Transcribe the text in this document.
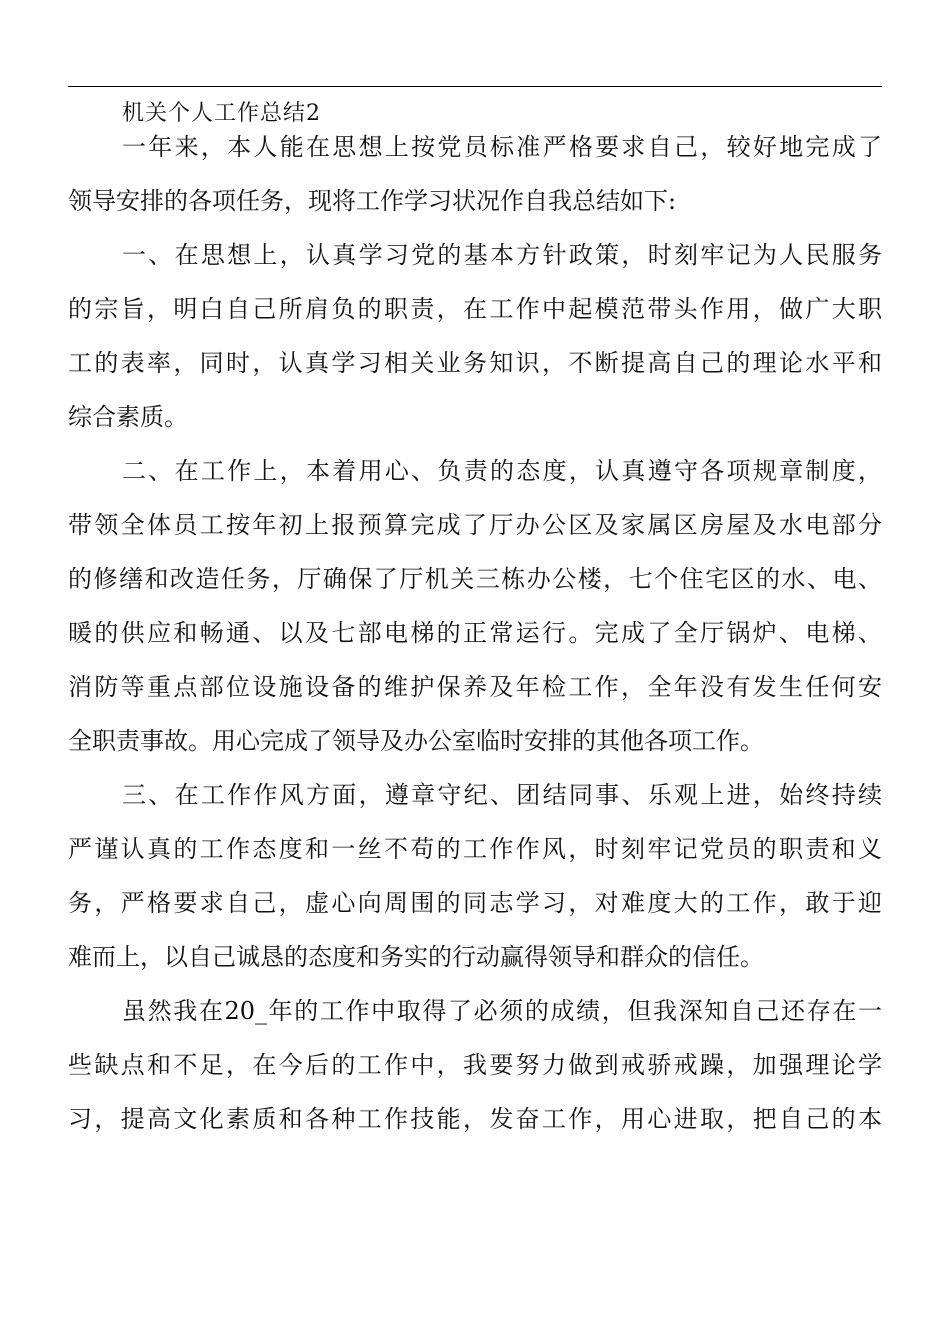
机关个人工作总结2
一年来，本人能在思想上按党员标准严格要求自己，较好地完成了
领导安排的各项任务，现将工作学习状况作自我总结如下:
一、在思想上，认真学习党的基本方针政策，时刻牢记为人民服务
的宗旨，明白自己所肩负的职责，在工作中起模范带头作用，做广大职
工的表率，同时，认真学习相关业务知识，不断提高自己的理论水平和
综合素质。
二、在工作上，本着用心、负责的态度，认真遵守各项规章制度，
带领全体员工按年初上报预算完成了厅办公区及家属区房屋及水电部分
的修缮和改造任务，厅确保了厅机关三栋办公楼，七个住宅区的水、电、
暖的供应和畅通、以及七部电梯的正常运行。完成了全厅锅炉、电梯、
消防等重点部位设施设备的维护保养及年检工作，全年没有发生任何安
全职责事故。用心完成了领导及办公室临时安排的其他各项工作。
三、在工作作风方面，遵章守纪、团结同事、乐观上进，始终持续
严谨认真的工作态度和一丝不苟的工作作风，时刻牢记党员的职责和义
务，严格要求自己，虚心向周围的同志学习，对难度大的工作，敢于迎
难而上，以自己诚恳的态度和务实的行动赢得领导和群众的信任。
虽然我在20_年的工作中取得了必须的成绩，但我深知自己还存在一
些缺点和不足，在今后的工作中，我要努力做到戒骄戒躁，加强理论学
习，提高文化素质和各种工作技能，发奋工作，用心进取，把自己的本
